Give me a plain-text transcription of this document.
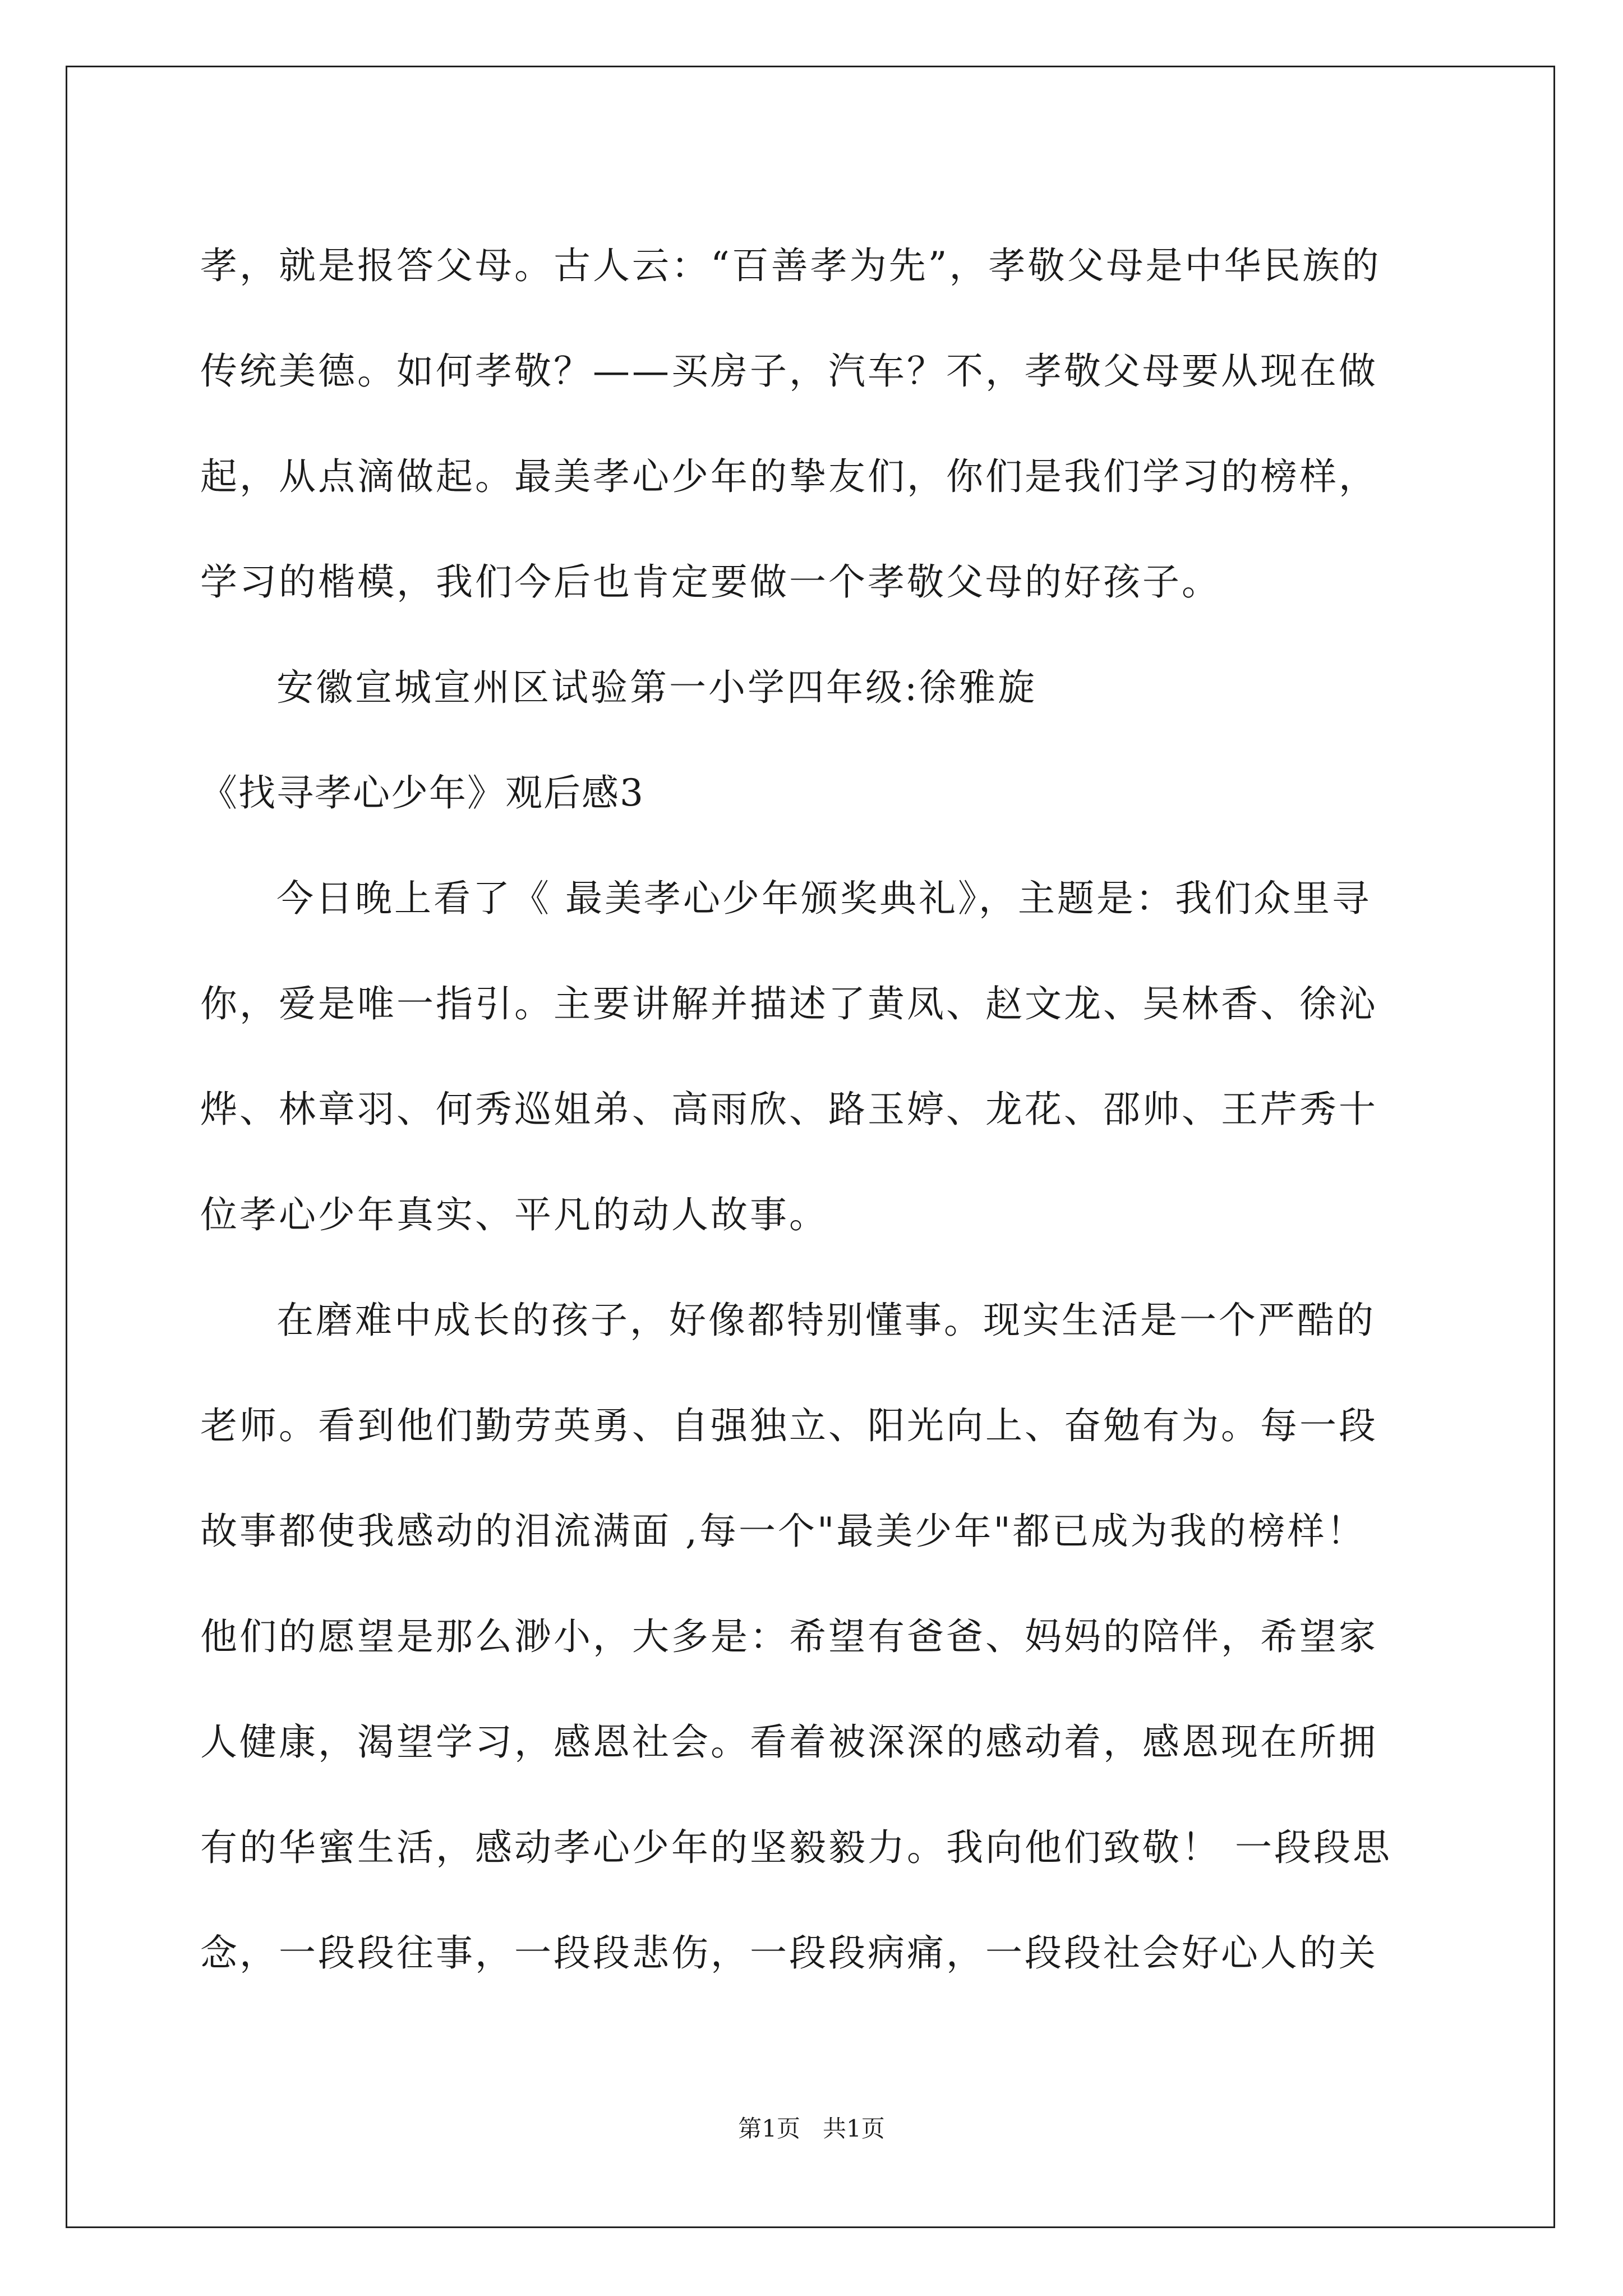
孝，就是报答父母。古人云：“百善孝为先”，孝敬父母是中华民族的
传统美德。如何孝敬？——买房子，汽车？不，孝敬父母要从现在做
起，从点滴做起。最美孝心少年的挚友们，你们是我们学习的榜样，
学习的楷模，我们今后也肯定要做一个孝敬父母的好孩子。
安徽宣城宣州区试验第一小学四年级:徐雅旋
《找寻孝心少年》观后感3
今日晚上看了《 最美孝心少年颁奖典礼》，主题是：我们众里寻
你，爱是唯一指引。主要讲解并描述了黄凤、赵文龙、吴林香、徐沁
烨、林章羽、何秀巡姐弟、高雨欣、路玉婷、龙花、邵帅、王芹秀十
位孝心少年真实、平凡的动人故事。
在磨难中成长的孩子，好像都特别懂事。现实生活是一个严酷的
老师。看到他们勤劳英勇、自强独立、阳光向上、奋勉有为。每一段
故事都使我感动的泪流满面 ,每一个"最美少年"都已成为我的榜样！
他们的愿望是那么渺小，大多是：希望有爸爸、妈妈的陪伴，希望家
人健康，渴望学习，感恩社会。看着被深深的感动着，感恩现在所拥
有的华蜜生活，感动孝心少年的坚毅毅力。我向他们致敬！ 一段段思
念，一段段往事，一段段悲伤，一段段病痛，一段段社会好心人的关
第1页   共1页
